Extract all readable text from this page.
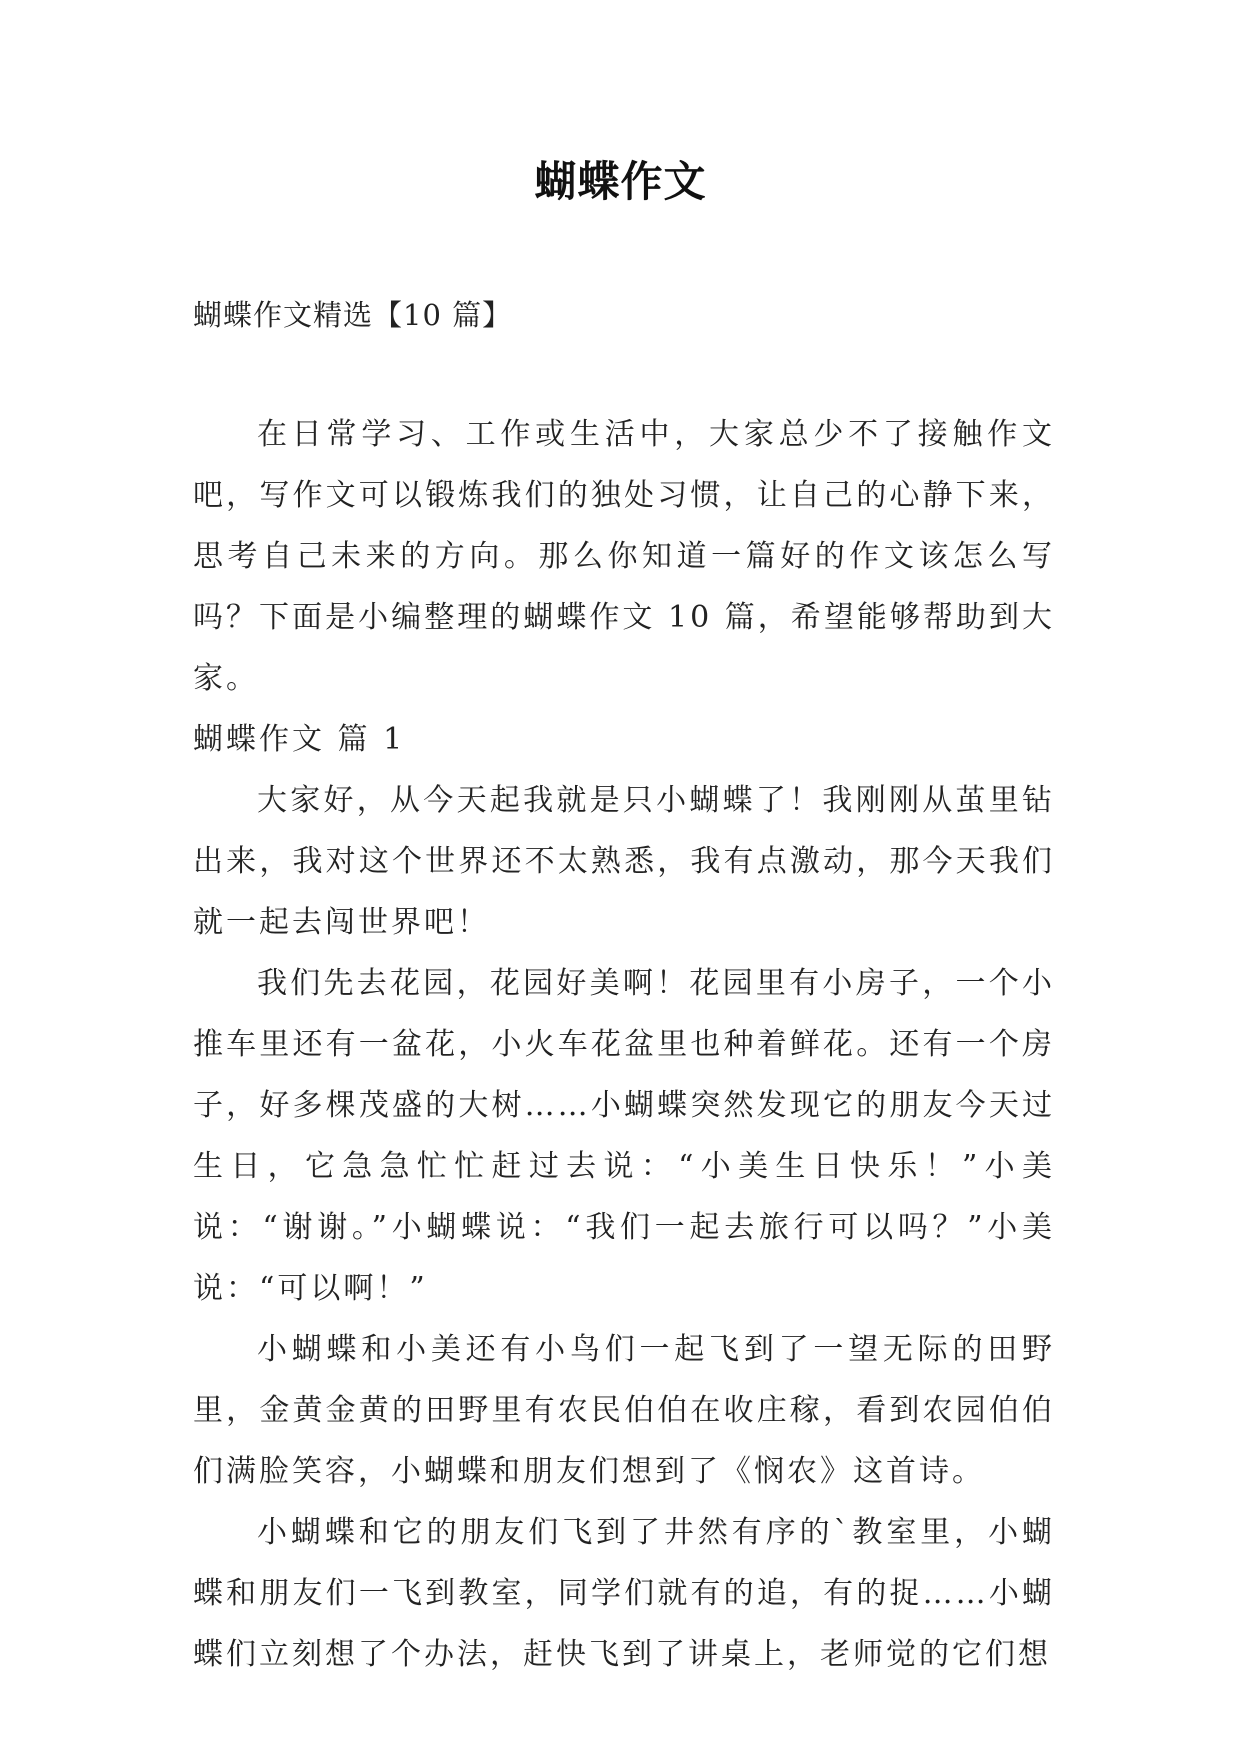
蝴蝶作文
蝴蝶作文精选【10 篇】

在日常学习、工作或生活中，大家总少不了接触作文吧，写作文可以锻炼我们的独处习惯，让自己的心静下来，思考自己未来的方向。那么你知道一篇好的作文该怎么写吗？下面是小编整理的蝴蝶作文 10 篇，希望能够帮助到大家。

蝴蝶作文 篇 1

大家好，从今天起我就是只小蝴蝶了！我刚刚从茧里钻出来，我对这个世界还不太熟悉，我有点激动，那今天我们就一起去闯世界吧！

我们先去花园，花园好美啊！花园里有小房子，一个小推车里还有一盆花，小火车花盆里也种着鲜花。还有一个房子，好多棵茂盛的大树……小蝴蝶突然发现它的朋友今天过生日，它急急忙忙赶过去说：“小美生日快乐！”小美说：“谢谢。”小蝴蝶说：“我们一起去旅行可以吗？”小美说：“可以啊！”

小蝴蝶和小美还有小鸟们一起飞到了一望无际的田野里，金黄金黄的田野里有农民伯伯在收庄稼，看到农园伯伯们满脸笑容，小蝴蝶和朋友们想到了《悯农》这首诗。

小蝴蝶和它的朋友们飞到了井然有序的`教室里，小蝴蝶和朋友们一飞到教室，同学们就有的追，有的捉……小蝴蝶们立刻想了个办法，赶快飞到了讲桌上，老师觉的它们想
